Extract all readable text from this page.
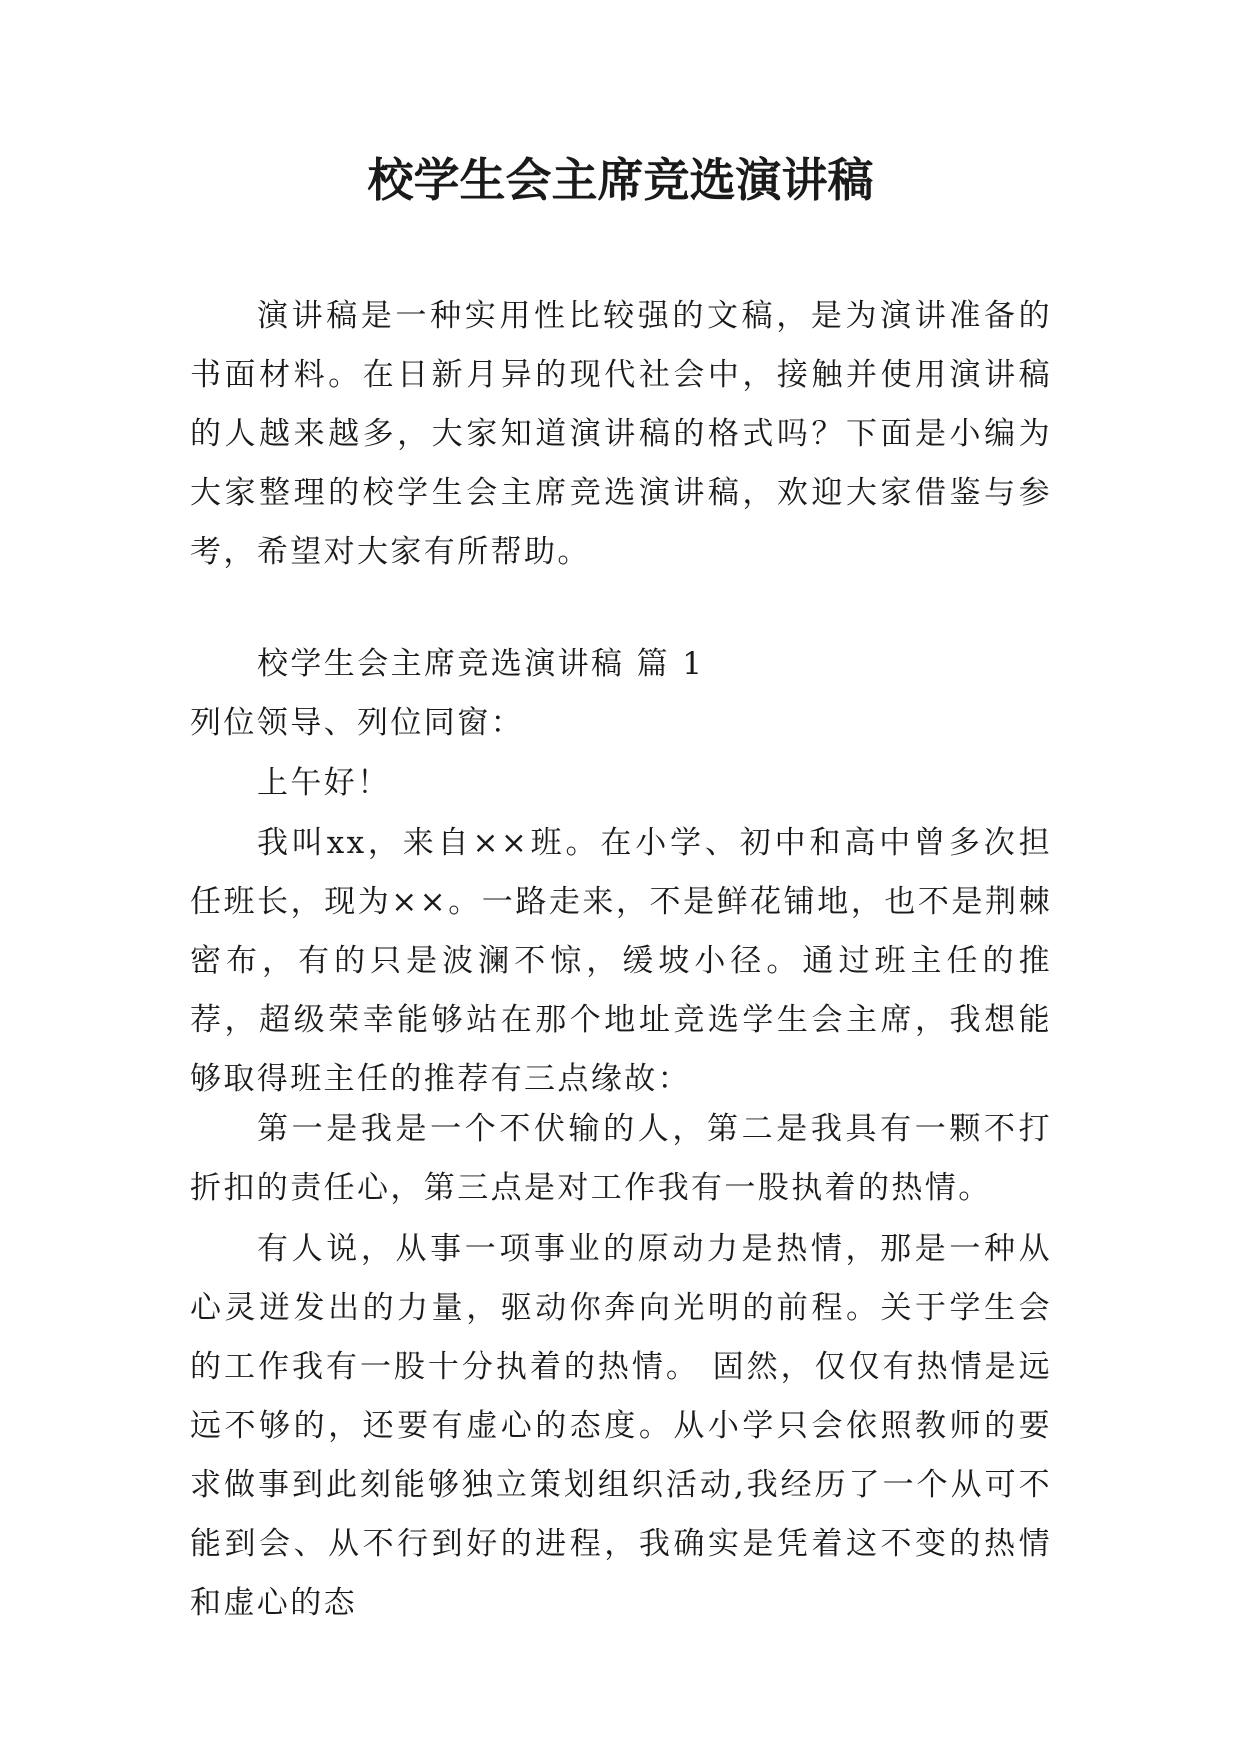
校学生会主席竞选演讲稿

演讲稿是一种实用性比较强的文稿，是为演讲准备的书面材料。在日新月异的现代社会中，接触并使用演讲稿的人越来越多，大家知道演讲稿的格式吗？下面是小编为大家整理的校学生会主席竞选演讲稿，欢迎大家借鉴与参考，希望对大家有所帮助。

校学生会主席竞选演讲稿 篇 1

列位领导、列位同窗：

上午好！

我叫xx，来自××班。在小学、初中和高中曾多次担任班长，现为××。一路走来，不是鲜花铺地，也不是荆棘密布，有的只是波澜不惊，缓坡小径。通过班主任的推荐，超级荣幸能够站在那个地址竞选学生会主席，我想能够取得班主任的推荐有三点缘故：

第一是我是一个不伏输的人，第二是我具有一颗不打折扣的责任心，第三点是对工作我有一股执着的热情。

有人说，从事一项事业的原动力是热情，那是一种从心灵迸发出的力量，驱动你奔向光明的前程。关于学生会的工作我有一股十分执着的热情。 固然，仅仅有热情是远远不够的，还要有虚心的态度。从小学只会依照教师的要求做事到此刻能够独立策划组织活动,我经历了一个从可不能到会、从不行到好的进程，我确实是凭着这不变的热情和虚心的态
